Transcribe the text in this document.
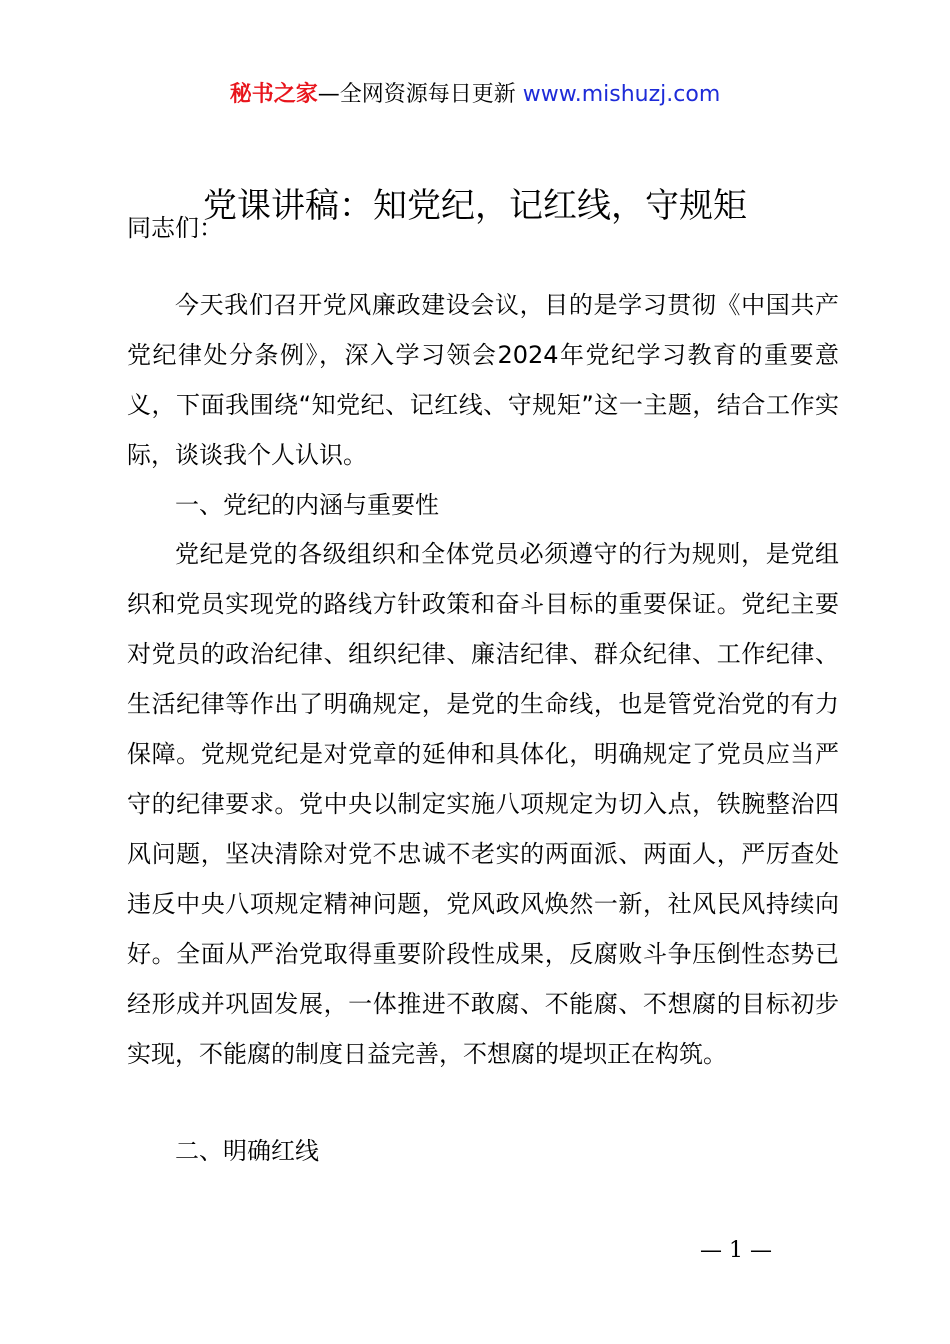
秘书之家—全网资源每日更新 www.mishuzj.com
党课讲稿：知党纪，记红线，守规矩
同志们：

今天我们召开党风廉政建设会议，目的是学习贯彻《中国共产党纪律处分条例》，深入学习领会2024年党纪学习教育的重要意义，下面我围绕“知党纪、记红线、守规矩”这一主题，结合工作实际，谈谈我个人认识。

一、党纪的内涵与重要性

党纪是党的各级组织和全体党员必须遵守的行为规则，是党组织和党员实现党的路线方针政策和奋斗目标的重要保证。党纪主要对党员的政治纪律、组织纪律、廉洁纪律、群众纪律、工作纪律、生活纪律等作出了明确规定，是党的生命线，也是管党治党的有力保障。党规党纪是对党章的延伸和具体化，明确规定了党员应当严守的纪律要求。党中央以制定实施八项规定为切入点，铁腕整治四风问题，坚决清除对党不忠诚不老实的两面派、两面人，严厉查处违反中央八项规定精神问题，党风政风焕然一新，社风民风持续向好。全面从严治党取得重要阶段性成果，反腐败斗争压倒性态势已经形成并巩固发展，一体推进不敢腐、不能腐、不想腐的目标初步实现，不能腐的制度日益完善，不想腐的堤坝正在构筑。

二、明确红线

— 1 —
